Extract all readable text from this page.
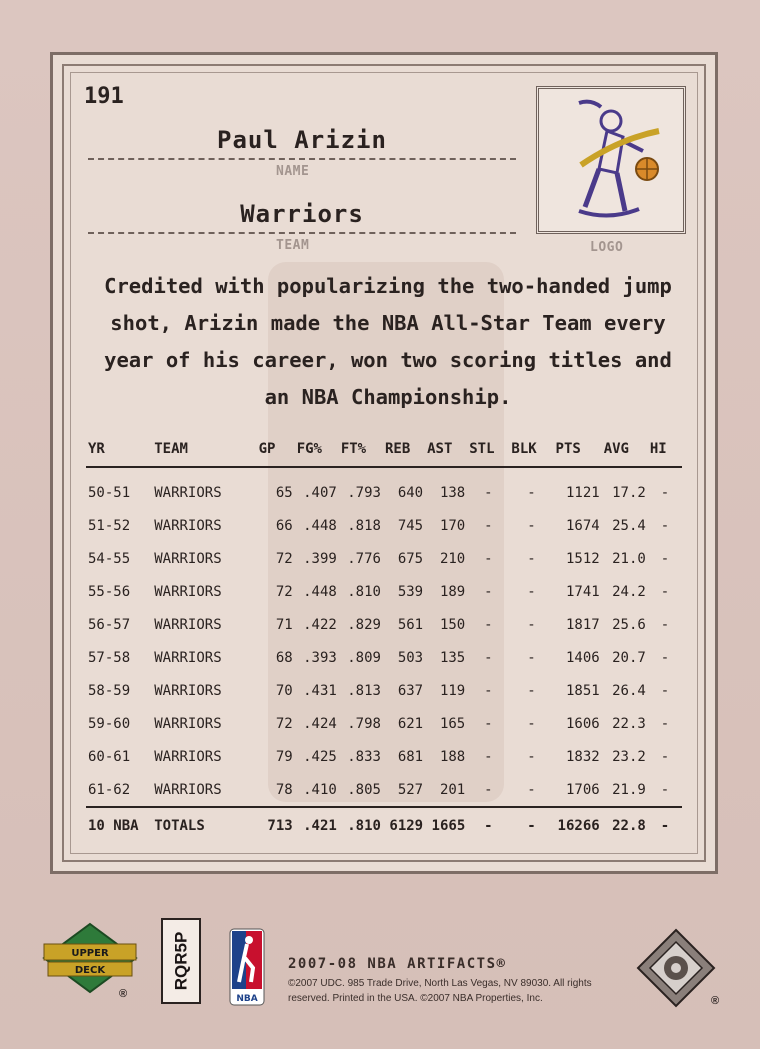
191
Paul Arizin
NAME
Warriors
TEAM	LOGO
Credited with popularizing the two-handed jump shot, Arizin made the NBA All-Star Team every year of his career, won two scoring titles and an NBA Championship.
YR	TEAM	GP	FG%	FT%	REB	AST	STL	BLK	PTS	AVG	HI
50-51	WARRIORS	65	.407	.793	640	138	-	-	1121	17.2	-
51-52	WARRIORS	66	.448	.818	745	170	-	-	1674	25.4	-
54-55	WARRIORS	72	.399	.776	675	210	-	-	1512	21.0	-
55-56	WARRIORS	72	.448	.810	539	189	-	-	1741	24.2	-
56-57	WARRIORS	71	.422	.829	561	150	-	-	1817	25.6	-
57-58	WARRIORS	68	.393	.809	503	135	-	-	1406	20.7	-
58-59	WARRIORS	70	.431	.813	637	119	-	-	1851	26.4	-
59-60	WARRIORS	72	.424	.798	621	165	-	-	1606	22.3	-
60-61	WARRIORS	79	.425	.833	681	188	-	-	1832	23.2	-
61-62	WARRIORS	78	.410	.805	527	201	-	-	1706	21.9	-
10 NBA	TOTALS	713	.421	.810	6129	1665	-	-	16266	22.8	-
UPPER
DECK
®
RQR5P
NBA
2007-08 NBA ARTIFACTS®
©2007 UDC. 985 Trade Drive, North Las Vegas, NV 89030. All rights
reserved. Printed in the USA. ©2007 NBA Properties, Inc.	®
